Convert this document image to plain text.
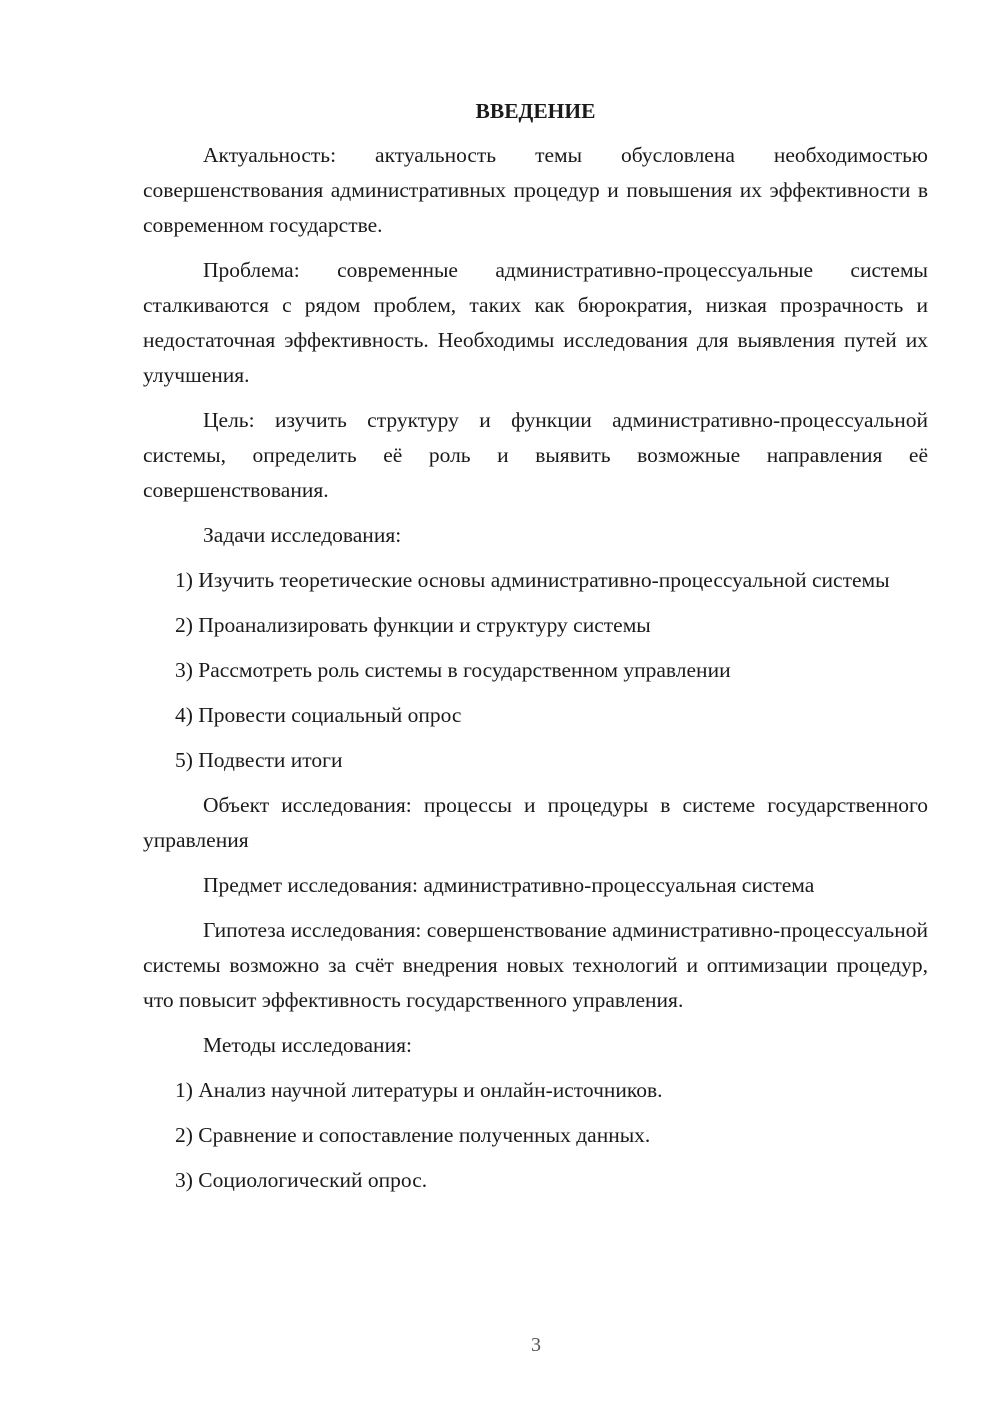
ВВЕДЕНИЕ

Актуальность: актуальность темы обусловлена необходимостью совершенствования административных процедур и повышения их эффективности в современном государстве.

Проблема: современные административно-процессуальные системы сталкиваются с рядом проблем, таких как бюрократия, низкая прозрачность и недостаточная эффективность. Необходимы исследования для выявления путей их улучшения.

Цель: изучить структуру и функции административно-процессуальной системы, определить её роль и выявить возможные направления её совершенствования.

Задачи исследования:

1) Изучить теоретические основы административно-процессуальной системы

2) Проанализировать функции и структуру системы

3) Рассмотреть роль системы в государственном управлении

4) Провести социальный опрос

5) Подвести итоги

Объект исследования: процессы и процедуры в системе государственного управления

Предмет исследования: административно-процессуальная система

Гипотеза исследования: совершенствование административно-процессуальной системы возможно за счёт внедрения новых технологий и оптимизации процедур, что повысит эффективность государственного управления.

Методы исследования:

1) Анализ научной литературы и онлайн-источников.

2) Сравнение и сопоставление полученных данных.

3) Социологический опрос.

3
